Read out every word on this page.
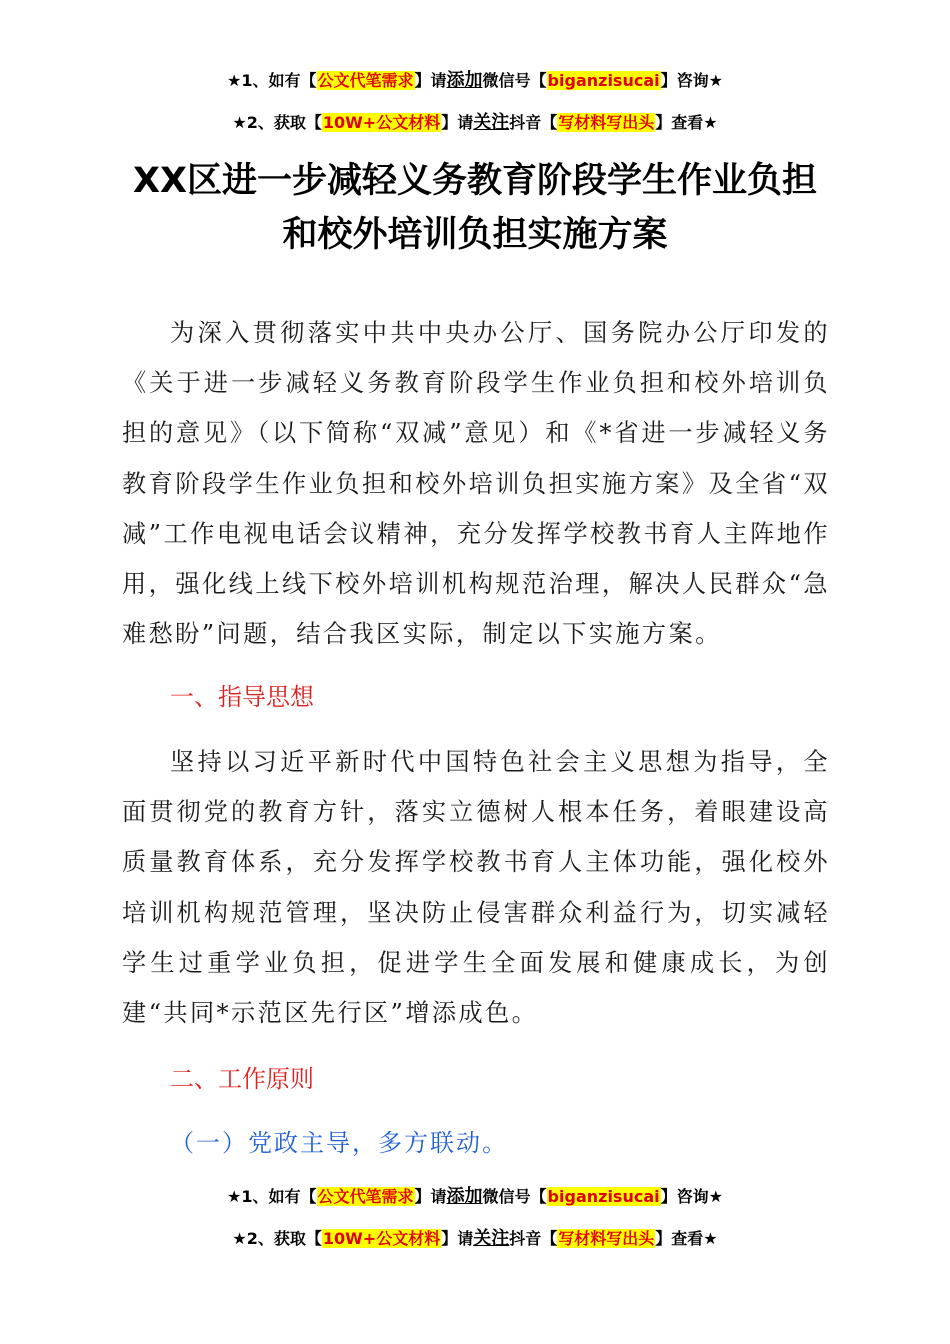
★1、如有【公文代笔需求】请添加微信号【biganzisucai】咨询★
★2、获取【10W+公文材料】请关注抖音【写材料写出头】查看★
XX区进一步减轻义务教育阶段学生作业负担
和校外培训负担实施方案

为深入贯彻落实中共中央办公厅、国务院办公厅印发的《关于进一步减轻义务教育阶段学生作业负担和校外培训负担的意见》（以下简称“双减”意见）和《*省进一步减轻义务教育阶段学生作业负担和校外培训负担实施方案》及全省“双减”工作电视电话会议精神，充分发挥学校教书育人主阵地作用，强化线上线下校外培训机构规范治理，解决人民群众“急难愁盼”问题，结合我区实际，制定以下实施方案。

一、指导思想

坚持以习近平新时代中国特色社会主义思想为指导，全面贯彻党的教育方针，落实立德树人根本任务，着眼建设高质量教育体系，充分发挥学校教书育人主体功能，强化校外培训机构规范管理，坚决防止侵害群众利益行为，切实减轻学生过重学业负担，促进学生全面发展和健康成长，为创建“共同*示范区先行区”增添成色。

二、工作原则
（一）党政主导，多方联动。
★1、如有【公文代笔需求】请添加微信号【biganzisucai】咨询★
★2、获取【10W+公文材料】请关注抖音【写材料写出头】查看★
